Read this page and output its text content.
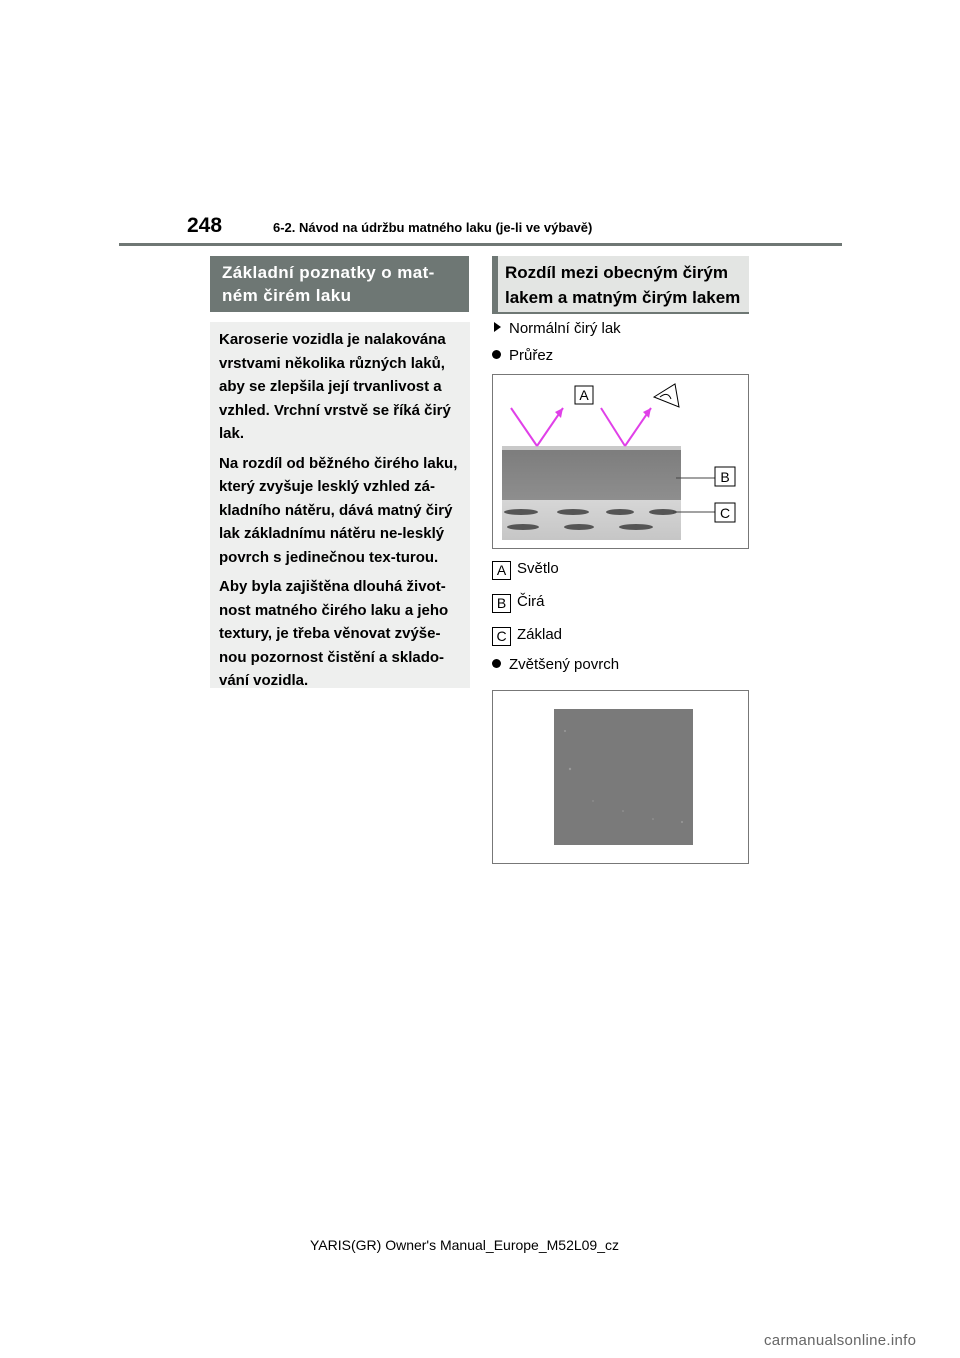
248	6-2. Návod na údržbu matného laku (je-li ve výbavě)
Základní poznatky o mat-
ném čirém laku

Karoserie vozidla je nalakována vrstvami několika různých laků, aby se zlepšila její trvanlivost a vzhled. Vrchní vrstvě se říká čirý lak.

Na rozdíl od běžného čirého laku, který zvyšuje lesklý vzhled zá-kladního nátěru, dává matný čirý lak základnímu nátěru ne-lesklý povrch s jedinečnou tex-turou.

Aby byla zajištěna dlouhá život-nost matného čirého laku a jeho textury, je třeba věnovat zvýše-nou pozornost čistění a sklado-vání vozidla.

Rozdíl mezi obecným čirým
lakem a matným čirým lakem
Normální čirý lak
Průřez
A
B
C
A Světlo
B Čirá
C Základ
Zvětšený povrch
YARIS(GR) Owner's Manual_Europe_M52L09_cz
carmanualsonline.info
